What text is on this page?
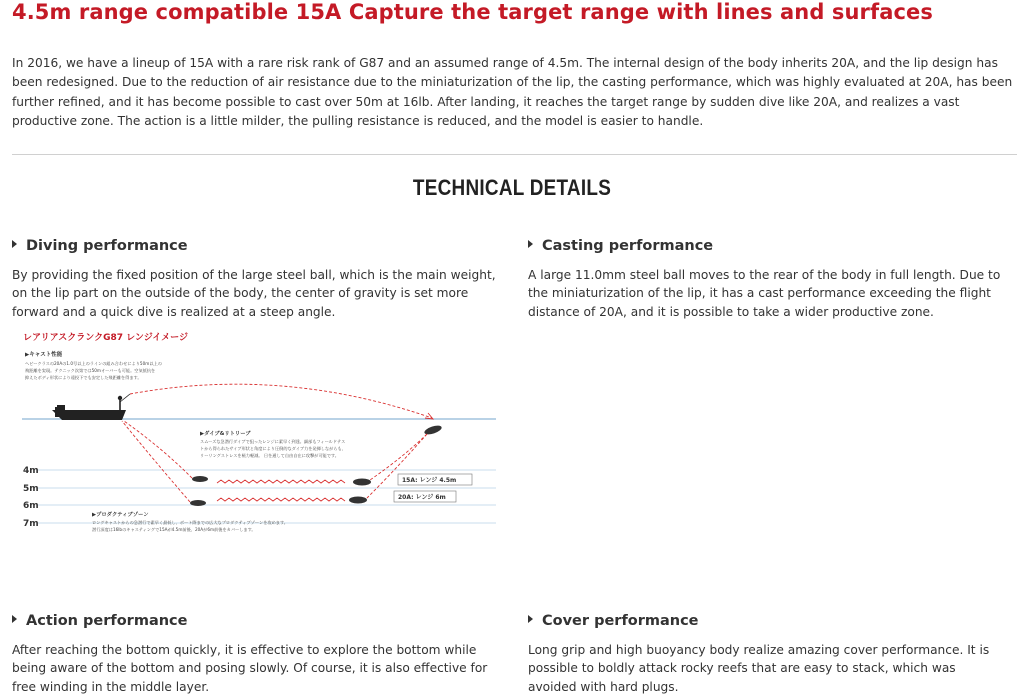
4.5m range compatible 15A Capture the target range with lines and surfaces

In 2016, we have a lineup of 15A with a rare risk rank of G87 and an assumed range of 4.5m. The internal design of the body inherits 20A, and the lip design has been redesigned. Due to the reduction of air resistance due to the miniaturization of the lip, the casting performance, which was highly evaluated at 20A, has been further refined, and it has become possible to cast over 50m at 16lb. After landing, it reaches the target range by sudden dive like 20A, and realizes a vast productive zone. The action is a little milder, the pulling resistance is reduced, and the model is easier to handle.

TECHNICAL DETAILS
Diving performance

By providing the fixed position of the large steel ball, which is the main weight, on the lip part on the outside of the body, the center of gravity is set more forward and a quick dive is realized at a steep angle.

Casting performance

A large 11.0mm steel ball moves to the rear of the body in full length. Due to the miniaturization of the lip, it has a cast performance exceeding the flight distance of 20A, and it is possible to take a wider productive zone.

レアリアスクランクG87 レンジイメージ
▶キャスト性能
ヘビークラスの20Aの1.0号以上のラインの組み合わせにより50m以上の
飛距離を実現。テクニック次第では50mオーバーも可能。空気抵抗を
抑えたボディ形状により遠投下でも安定した飛距離を得ます。
4m
5m
6m
7m
15A: レンジ 4.5m
20A: レンジ 6m
▶ダイブ&リトリーブ
スムーズな急潜行ダイブで狙ったレンジに素早く到達。細部もフィールドテス
トから得られたサイブ形状と角度により圧倒的なダイブ力を発揮しながらも、
リーリングストレスを極力軽減。 日を通して自由自在に攻撃が可能です。
▶プロダクティブゾーン
ロングキャストからの急潜行で素早く最低し、ボート際までの広大なプロダクティブゾーンを攻めます。
潜行深度は16lbのキャスティングで15Aが4.5m前後、20Aが6m前後をカバーします。
Action performance

After reaching the bottom quickly, it is effective to explore the bottom while being aware of the bottom and posing slowly. Of course, it is also effective for free winding in the middle layer.

Cover performance

Long grip and high buoyancy body realize amazing cover performance. It is possible to boldly attack rocky reefs that are easy to stack, which was avoided with hard plugs.
